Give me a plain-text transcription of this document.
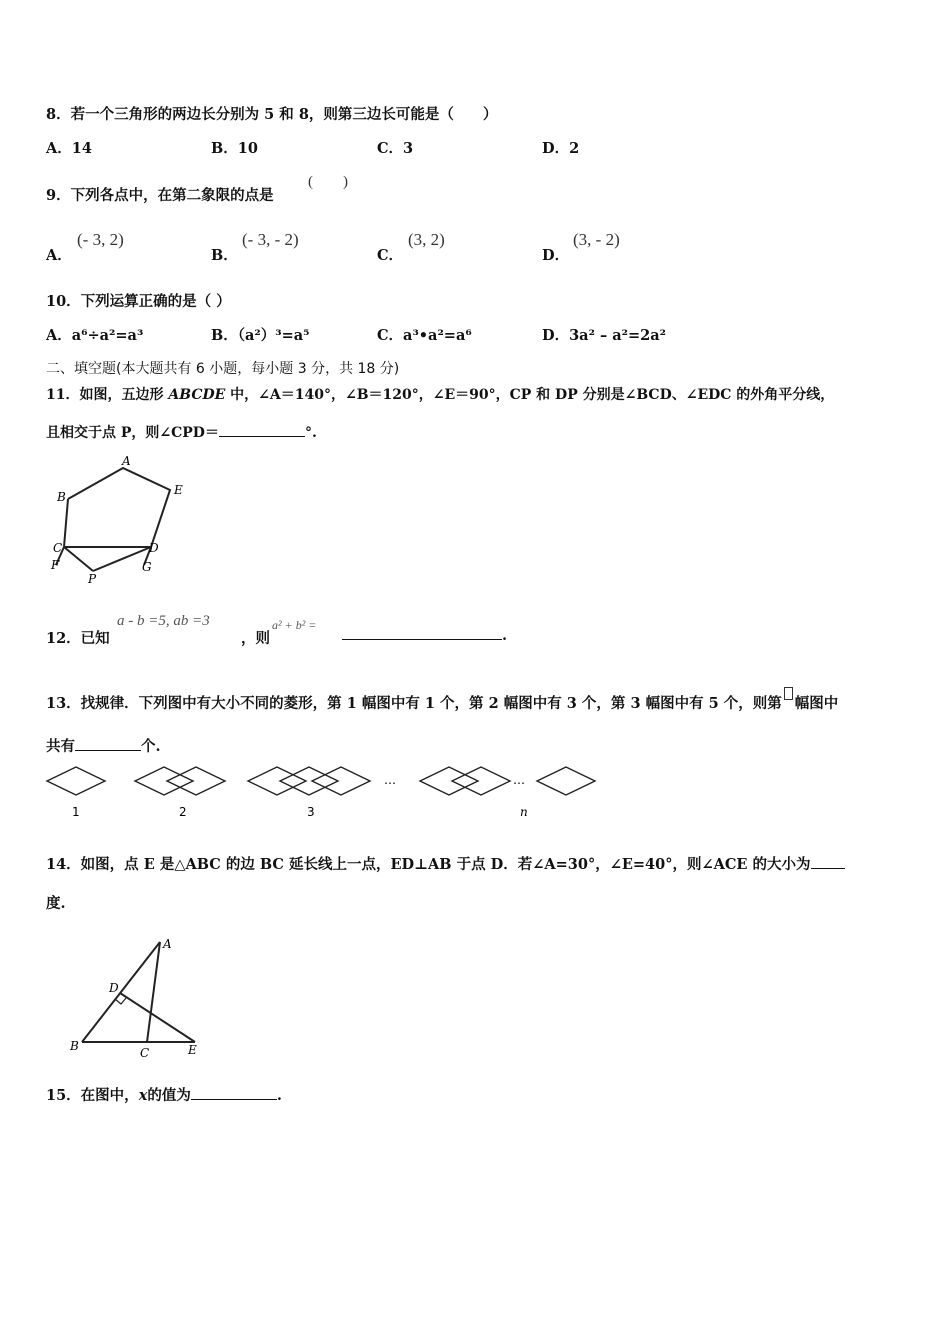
8．若一个三角形的两边长分别为 5 和 8，则第三边长可能是（　　）
A．14	B．10	C．3	D．2
9．下列各点中，在第二象限的点是
(　　)
A．
(- 3, 2)
B．
(- 3, - 2)
C．
(3, 2)
D．
(3, - 2)
10．下列运算正确的是（ ）
A．a⁶÷a²=a³	B．（a²）³=a⁵	C．a³•a²=a⁶	D．3a² – a²=2a²
二、填空题(本大题共有 6 小题，每小题 3 分，共 18 分)
11．如图，五边形 ABCDE 中，∠A＝140°，∠B＝120°，∠E＝90°，CP 和 DP 分别是∠BCD、∠EDC 的外角平分线，
且相交于点 P，则∠CPD＝	°.
A
B	E
C	D
F	G
P
12．已知
a - b =5, ab =3
，则
a² + b² =
.
13．找规律．下列图中有大小不同的菱形，第 1 幅图中有 1 个，第 2 幅图中有 3 个，第 3 幅图中有 5 个，则第 幅图中
共有	个.
…	…
1	2	3	n
14．如图，点 E 是△ABC 的边 BC 延长线上一点，ED⊥AB 于点 D．若∠A=30°，∠E=40°，则∠ACE 的大小为
度.
A
D
B	C	E
15．在图中，x的值为	.
